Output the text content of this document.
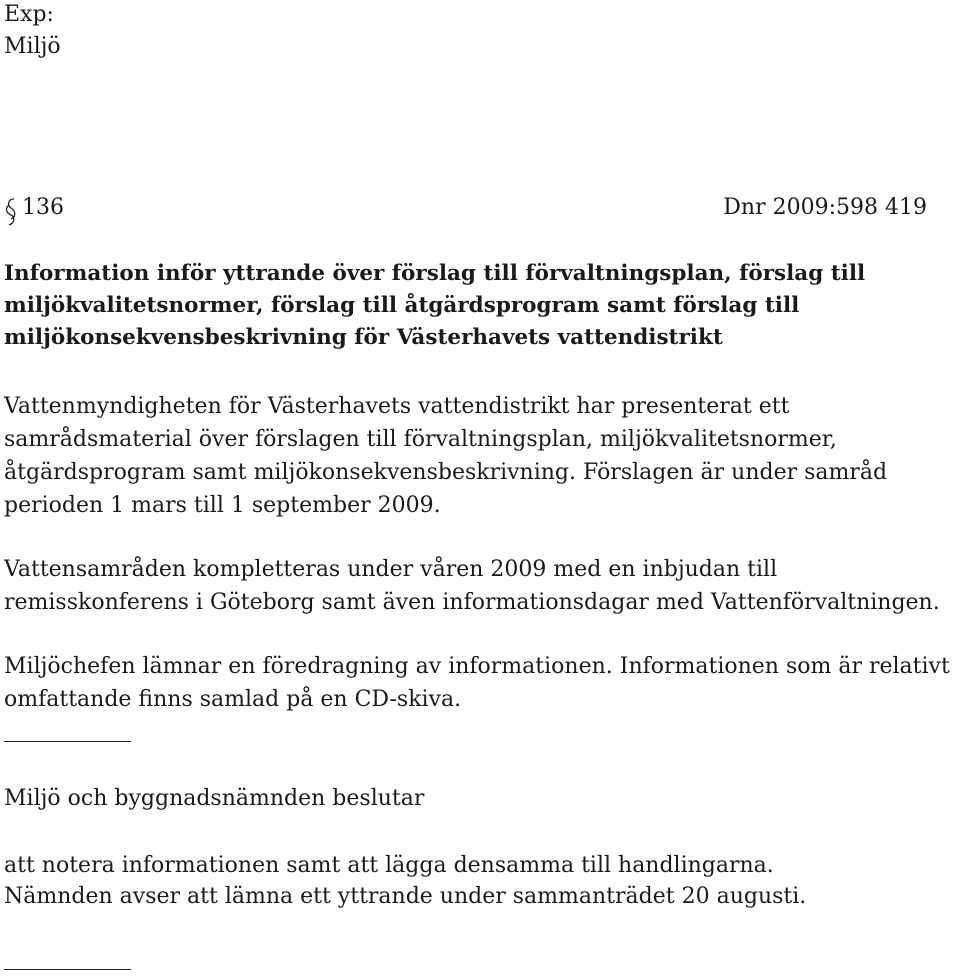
Exp:
Miljö
136	Dnr 2009:598 419
Information inför yttrande över förslag till förvaltningsplan, förslag till
miljökvalitetsnormer, förslag till åtgärdsprogram samt förslag till
miljökonsekvensbeskrivning för Västerhavets vattendistrikt

Vattenmyndigheten för Västerhavets vattendistrikt har presenterat ett

samrådsmaterial över förslagen till förvaltningsplan, miljökvalitetsnormer,

åtgärdsprogram samt miljökonsekvensbeskrivning. Förslagen är under samråd

perioden 1 mars till 1 september 2009.

Vattensamråden kompletteras under våren 2009 med en inbjudan till

remisskonferens i Göteborg samt även informationsdagar med Vattenförvaltningen.

Miljöchefen lämnar en föredragning av informationen. Informationen som är relativt

omfattande finns samlad på en CD-skiva.

Miljö och byggnadsnämnden beslutar
att notera informationen samt att lägga densamma till handlingarna.
Nämnden avser att lämna ett yttrande under sammanträdet 20 augusti.
